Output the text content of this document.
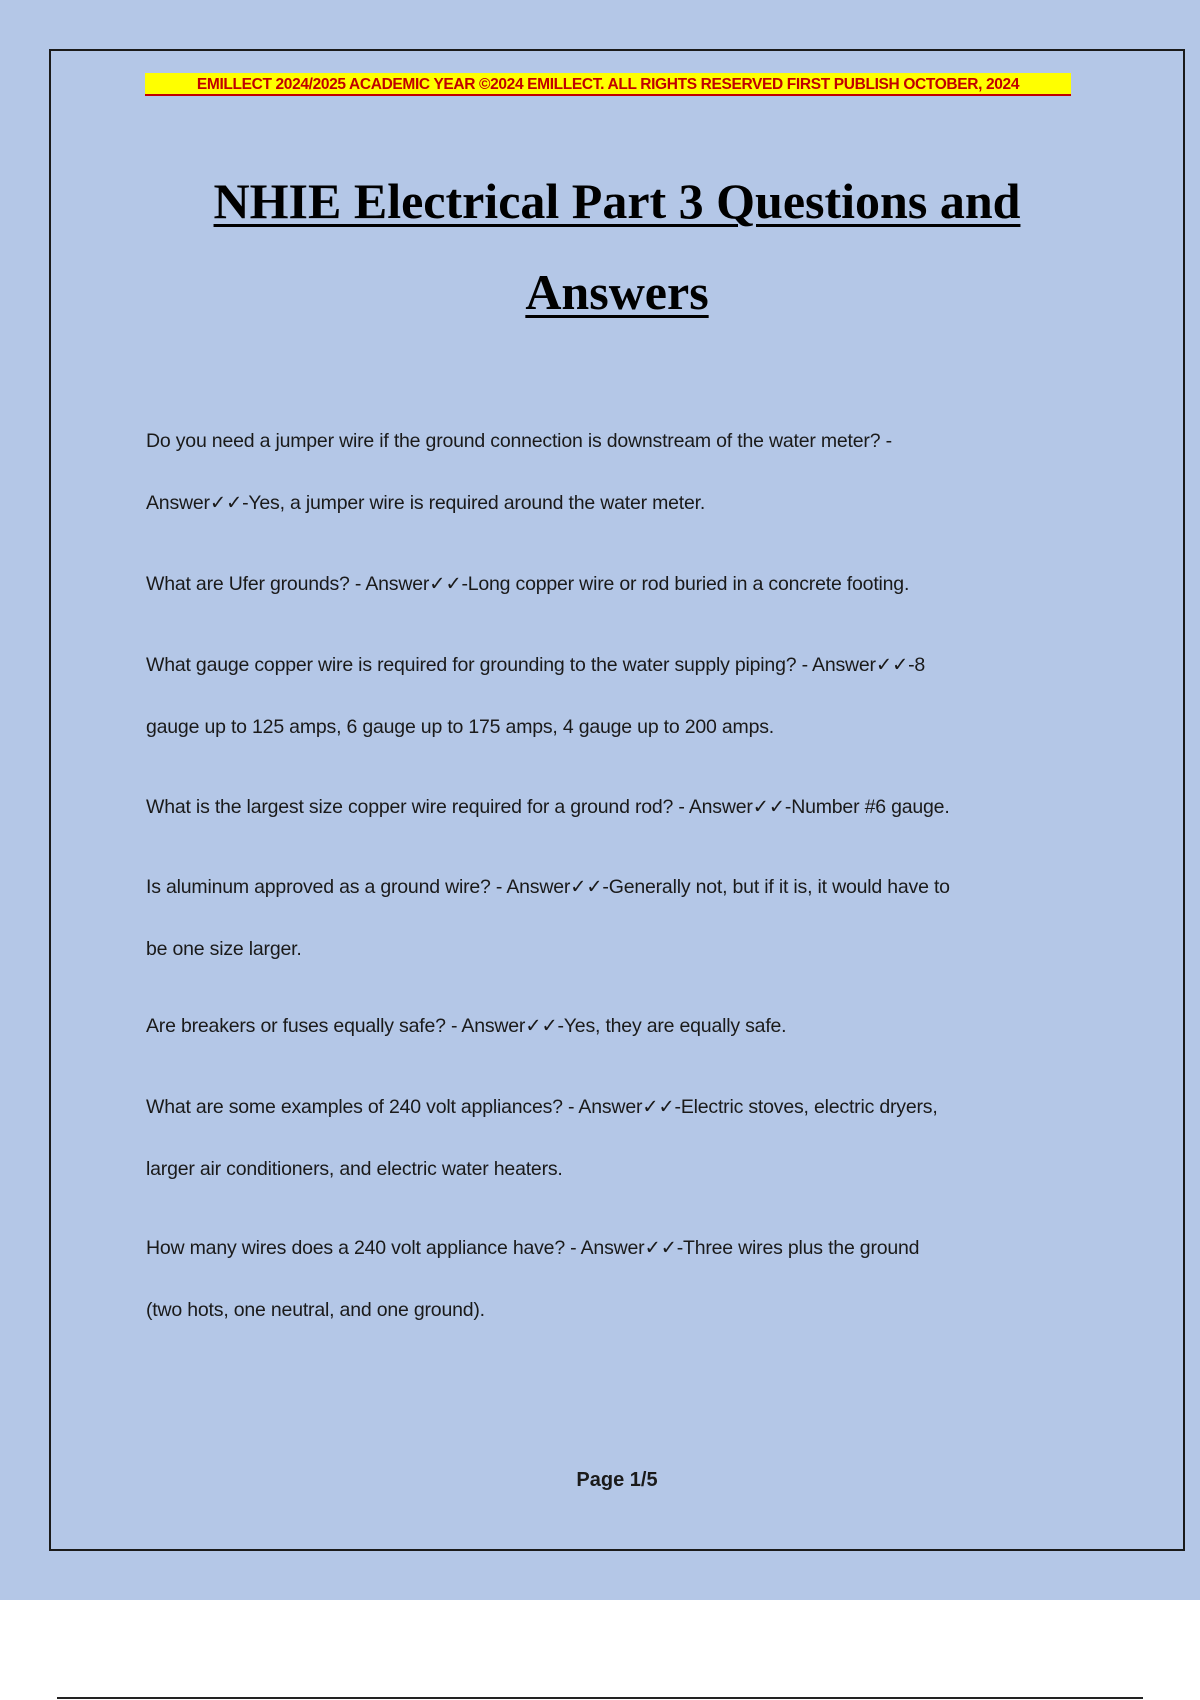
EMILLECT 2024/2025 ACADEMIC YEAR ©2024 EMILLECT. ALL RIGHTS RESERVED FIRST PUBLISH OCTOBER, 2024
NHIE Electrical Part 3 Questions and
Answers

Do you need a jumper wire if the ground connection is downstream of the water meter? -
Answer✓✓-Yes, a jumper wire is required around the water meter.

What are Ufer grounds? - Answer✓✓-Long copper wire or rod buried in a concrete footing.

What gauge copper wire is required for grounding to the water supply piping? - Answer✓✓-8
gauge up to 125 amps, 6 gauge up to 175 amps, 4 gauge up to 200 amps.

What is the largest size copper wire required for a ground rod? - Answer✓✓-Number #6 gauge.

Is aluminum approved as a ground wire? - Answer✓✓-Generally not, but if it is, it would have to
be one size larger.

Are breakers or fuses equally safe? - Answer✓✓-Yes, they are equally safe.

What are some examples of 240 volt appliances? - Answer✓✓-Electric stoves, electric dryers,
larger air conditioners, and electric water heaters.

How many wires does a 240 volt appliance have? - Answer✓✓-Three wires plus the ground
(two hots, one neutral, and one ground).

Page 1/5
